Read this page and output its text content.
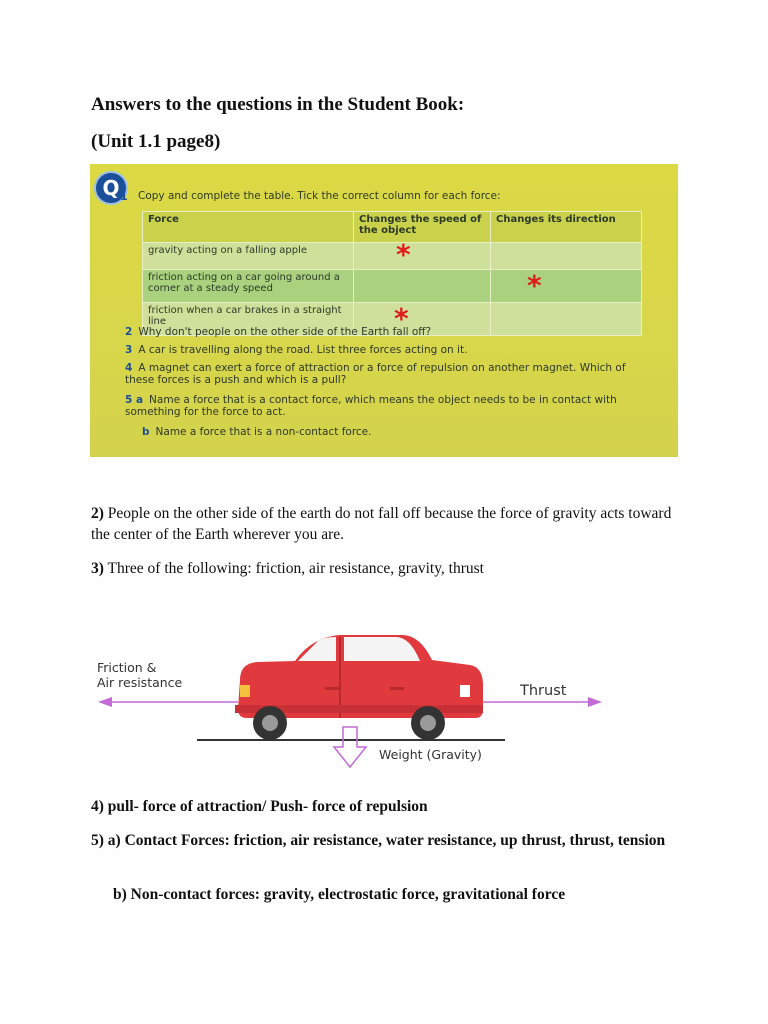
Answers to the questions in the Student Book:

(Unit 1.1 page8)

Q 1 Copy and complete the table. Tick the correct column for each force:
Force	Changes the speed of the object	Changes its direction
gravity acting on a falling apple	*	
friction acting on a car going around a corner at a steady speed		*
friction when a car brakes in a straight line	*	
2 Why don't people on the other side of the Earth fall off?
3 A car is travelling along the road. List three forces acting on it.
4 A magnet can exert a force of attraction or a force of repulsion on another magnet. Which of these forces is a push and which is a pull?
5 a Name a force that is a contact force, which means the object needs to be in contact with something for the force to act.
b Name a force that is a non-contact force.

2) People on the other side of the earth do not fall off because the force of gravity acts toward the center of the Earth wherever you are.

3) Three of the following: friction, air resistance, gravity, thrust

Friction &
Air resistance
Thrust
Weight (Gravity)

4) pull- force of attraction/ Push- force of repulsion

5) a) Contact Forces: friction, air resistance, water resistance, up thrust, thrust, tension

b) Non-contact forces: gravity, electrostatic force, gravitational force
